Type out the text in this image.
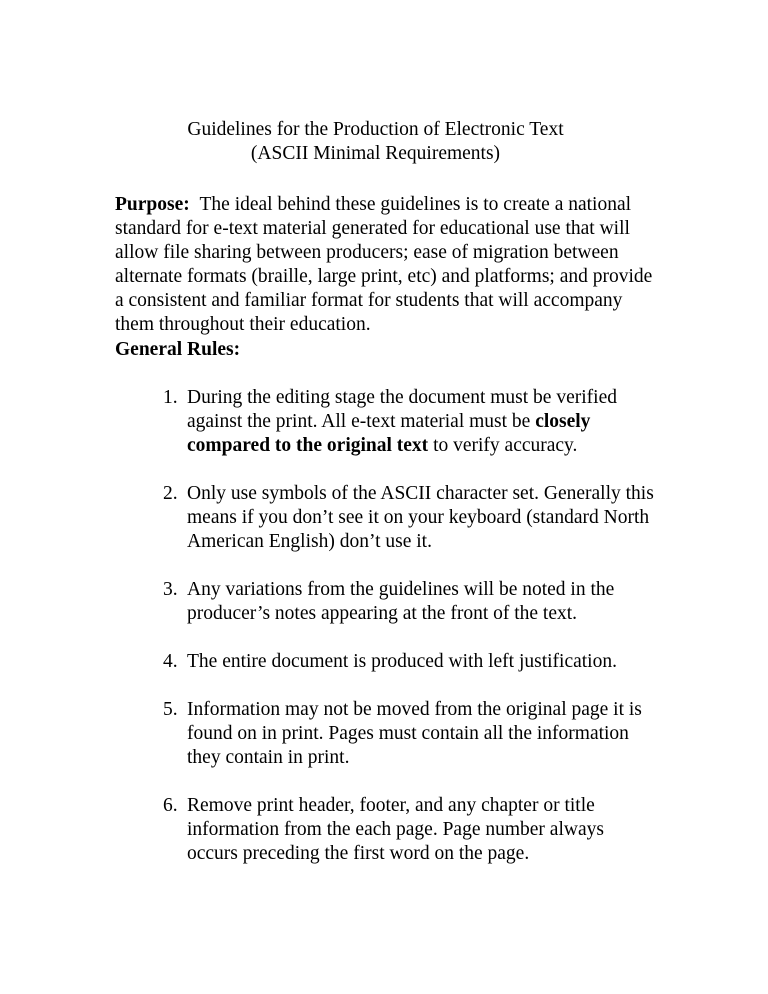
Guidelines for the Production of Electronic Text
(ASCII Minimal Requirements)

Purpose: The ideal behind these guidelines is to create a national standard for e-text material generated for educational use that will allow file sharing between producers; ease of migration between alternate formats (braille, large print, etc) and platforms; and provide a consistent and familiar format for students that will accompany them throughout their education.

General Rules:
1. During the editing stage the document must be verified against the print. All e-text material must be closely compared to the original text to verify accuracy.
2. Only use symbols of the ASCII character set. Generally this means if you don’t see it on your keyboard (standard North American English) don’t use it.
3. Any variations from the guidelines will be noted in the producer’s notes appearing at the front of the text.
4. The entire document is produced with left justification.
5. Information may not be moved from the original page it is found on in print. Pages must contain all the information they contain in print.
6. Remove print header, footer, and any chapter or title information from the each page. Page number always occurs preceding the first word on the page.
